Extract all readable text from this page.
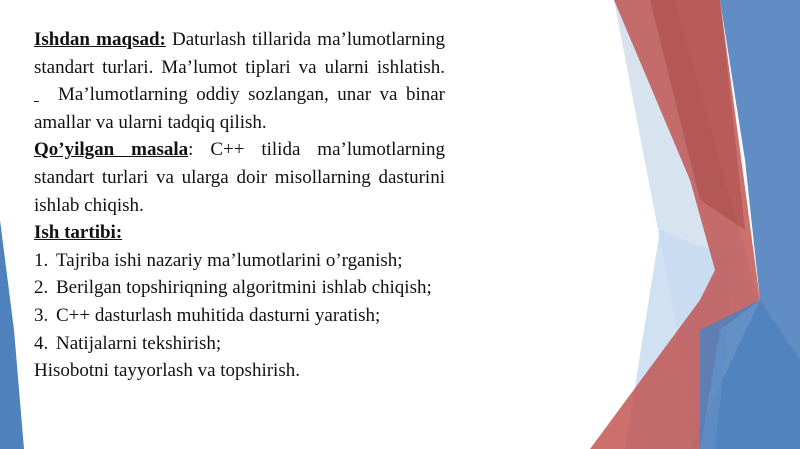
Ishdan maqsad: Daturlash tillarida ma’lumotlarning standart turlari. Ma’lumot tiplari va ularni ishlatish. Ma’lumotlarning oddiy sozlangan, unar va binar amallar va ularni tadqiq qilish.

Qo’yilgan masala: C++ tilida ma’lumotlarning standart turlari va ularga doir misollarning dasturini ishlab chiqish.

Ish tartibi:

1. Tajriba ishi nazariy ma’lumotlarini o’rganish;
2. Berilgan topshiriqning algoritmini ishlab chiqish;
3. C++ dasturlash muhitida dasturni yaratish;
4. Natijalarni tekshirish;

Hisobotni tayyorlash va topshirish.
